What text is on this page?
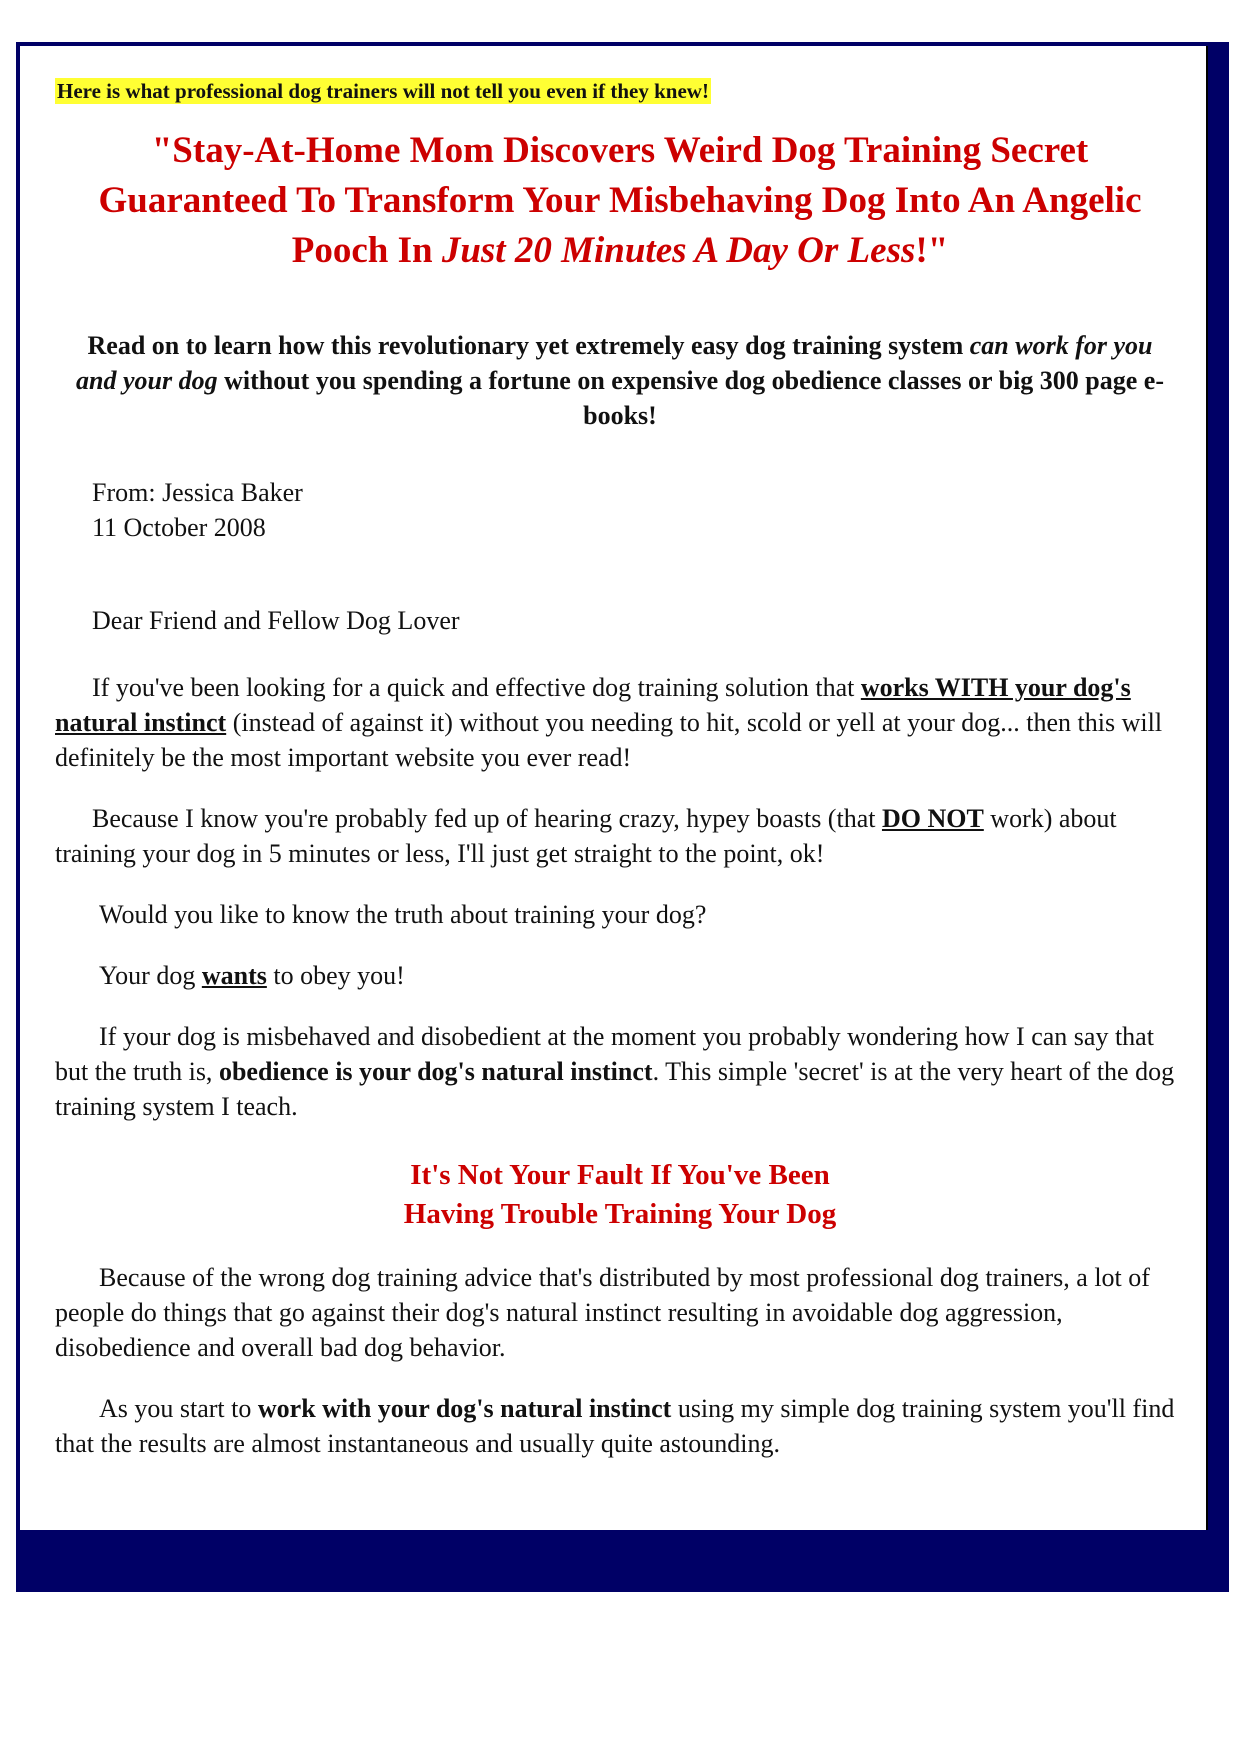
Here is what professional dog trainers will not tell you even if they knew!
"Stay-At-Home Mom Discovers Weird Dog Training Secret Guaranteed To Transform Your Misbehaving Dog Into An Angelic Pooch In Just 20 Minutes A Day Or Less!"
Read on to learn how this revolutionary yet extremely easy dog training system can work for you and your dog without you spending a fortune on expensive dog obedience classes or big 300 page e-books!
From: Jessica Baker
11 October 2008
Dear Friend and Fellow Dog Lover

If you've been looking for a quick and effective dog training solution that works WITH your dog's natural instinct (instead of against it) without you needing to hit, scold or yell at your dog... then this will definitely be the most important website you ever read!

Because I know you're probably fed up of hearing crazy, hypey boasts (that DO NOT work) about training your dog in 5 minutes or less, I'll just get straight to the point, ok!

Would you like to know the truth about training your dog?

Your dog wants to obey you!

If your dog is misbehaved and disobedient at the moment you probably wondering how I can say that but the truth is, obedience is your dog's natural instinct. This simple 'secret' is at the very heart of the dog training system I teach.

It's Not Your Fault If You've Been
Having Trouble Training Your Dog

Because of the wrong dog training advice that's distributed by most professional dog trainers, a lot of people do things that go against their dog's natural instinct resulting in avoidable dog aggression, disobedience and overall bad dog behavior.

As you start to work with your dog's natural instinct using my simple dog training system you'll find that the results are almost instantaneous and usually quite astounding.
